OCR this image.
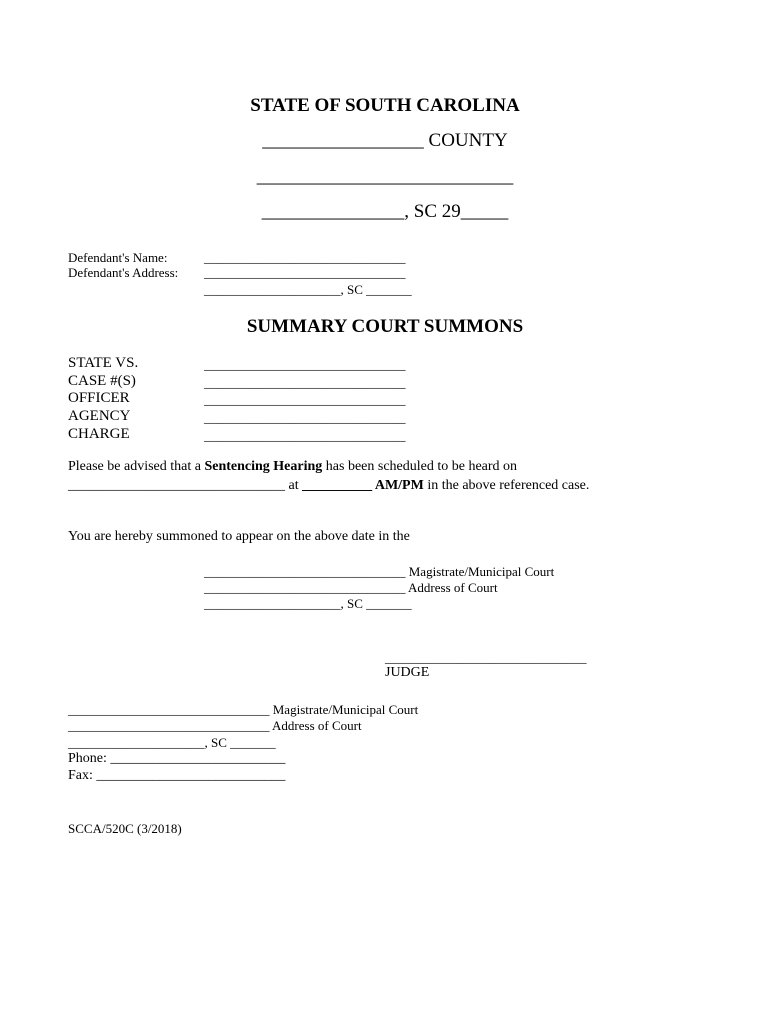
STATE OF SOUTH CAROLINA
_________________ COUNTY
___________________________
_______________, SC 29_____
Defendant's Name:	_______________________________
Defendant's Address: _______________________________
_____________________, SC _______
SUMMARY COURT SUMMONS
STATE VS.	_______________________________
CASE #(S)	_______________________________
OFFICER	_______________________________
AGENCY	_______________________________
CHARGE	_______________________________
Please be advised that a Sentencing Hearing has been scheduled to be heard on
_______________________________ at __________ AM/PM in the above referenced case.
You are hereby summoned to appear on the above date in the
_______________________________ Magistrate/Municipal Court
_______________________________ Address of Court
_____________________, SC _______
_______________________________
JUDGE
_______________________________ Magistrate/Municipal Court
_______________________________ Address of Court
_____________________, SC _______
Phone: _________________________
Fax: ___________________________
SCCA/520C (3/2018)
